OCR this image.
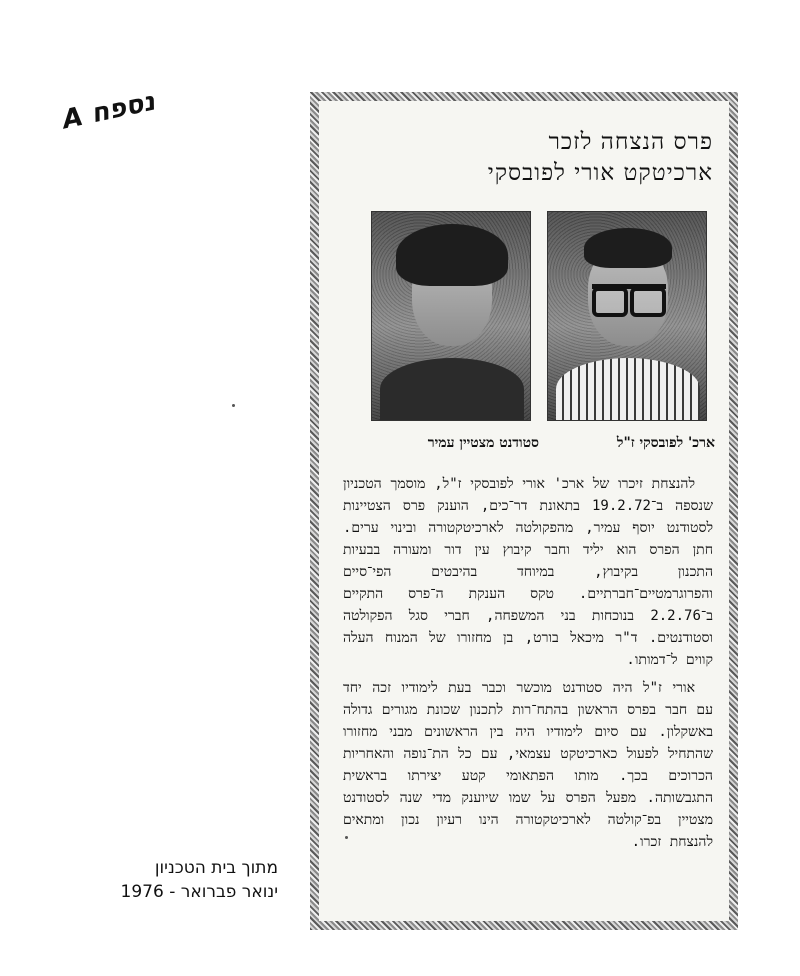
נספח A
מתוך בית הטכניון
ינואר פברואר - 1976
פרס הנצחה לזכר
ארכיטקט אורי לפובסקי
ארכ' לפובסקי ז"ל
סטודנט מצטיין עמיר

להנצחת זיכרו של ארכ' אורי לפובסקי ז"ל, מוסמך הטכניון שנספה ב־19.2.72 בתאונת דר־כים, הוענק פרס הצטיינות לסטודנט יוסף עמיר, מהפקולטה לארכיטקטורה ובינוי ערים. חתן הפרס הוא יליד וחבר קיבוץ עין דור ומעורה בבעיות התכנון בקיבוץ, במיוחד בהיבטים הפי־סיים והפרוגרמטיים־חברתיים. טקס הענקת ה־פרס התקיים ב־2.2.76 בנוכחות בני המשפחה, חברי סגל הפקולטה וסטודנטים. ד"ר מיכאל בורט, בן מחזורו של המנוח העלה קווים ל־דמותו.

אורי ז"ל היה סטודנט מוכשר וכבר בעת לימודיו זכה יחד עם חבר בפרס הראשון בהתח־רות לתכנון שכונת מגורים גדולה באשקלון. עם סיום לימודיו היה בין הראשונים מבני מחזורו שהתחיל לפעול כארכיטקט עצמאי, עם כל הת־נופה והאחריות הכרוכים בכך. מותו הפתאומי קטע יצירתו בראשית התגבשותה. מפעל הפרס על שמו שיוענק מדי שנה לסטודנט מצטיין בפ־קולטה לארכיטקטורה הינו רעיון נכון ומתאים להנצחת זכרו.
